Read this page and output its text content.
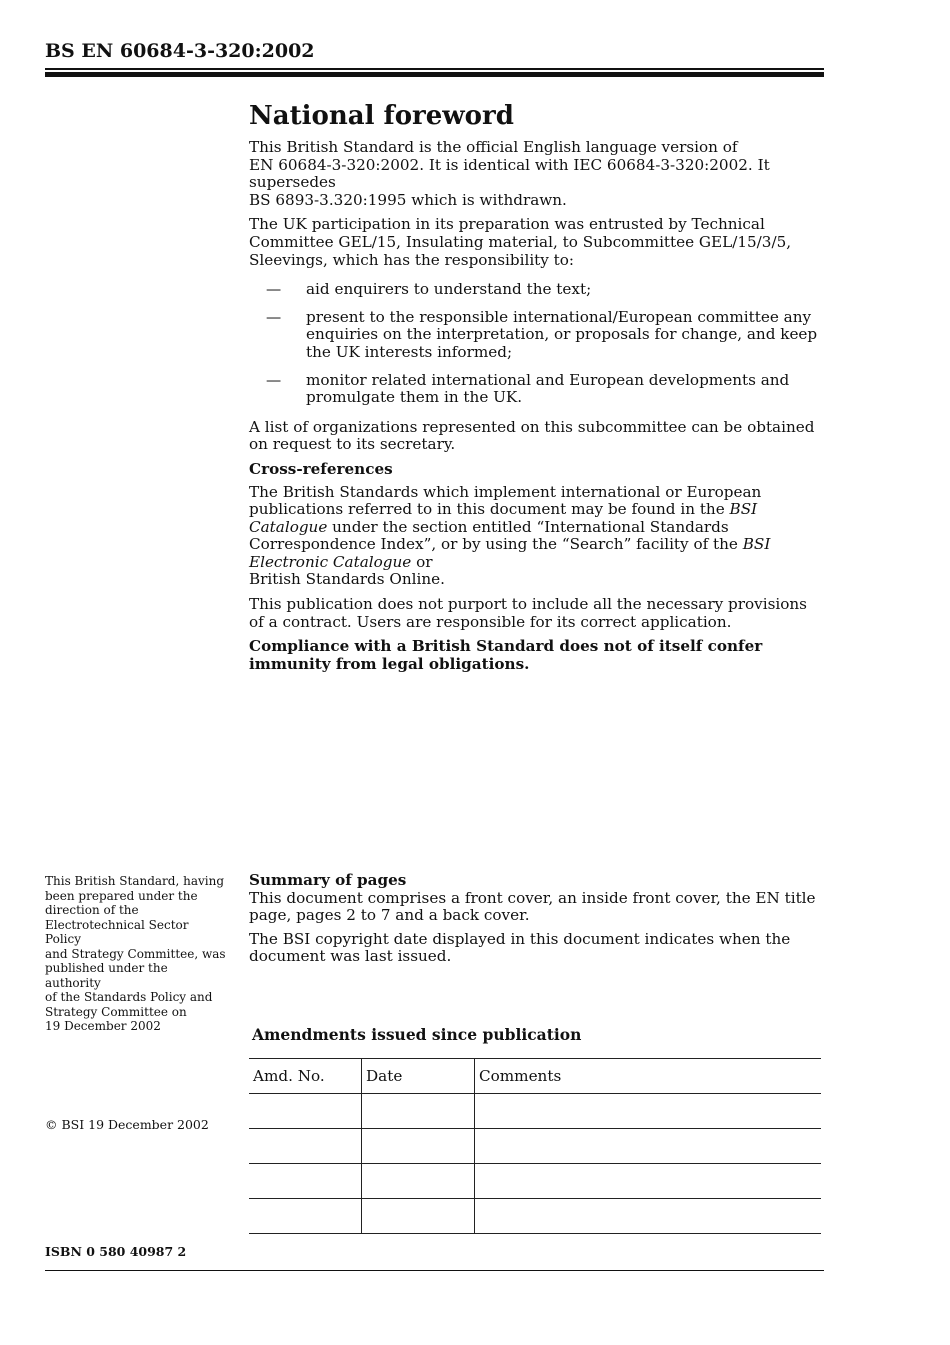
BS EN 60684-3-320:2002
National foreword

This British Standard is the official English language version of
EN 60684-3-320:2002. It is identical with IEC 60684-3-320:2002. It supersedes
BS 6893-3.320:1995 which is withdrawn.

The UK participation in its preparation was entrusted by Technical Committee GEL/15, Insulating material, to Subcommittee GEL/15/3/5, Sleevings, which has the responsibility to:

— aid enquirers to understand the text;
— present to the responsible international/European committee any enquiries on the interpretation, or proposals for change, and keep the UK interests informed;
— monitor related international and European developments and promulgate them in the UK.

A list of organizations represented on this subcommittee can be obtained on request to its secretary.

Cross-references

The British Standards which implement international or European publications referred to in this document may be found in the BSI Catalogue under the section entitled “International Standards Correspondence Index”, or by using the “Search” facility of the BSI Electronic Catalogue or
British Standards Online.

This publication does not purport to include all the necessary provisions of a contract. Users are responsible for its correct application.

Compliance with a British Standard does not of itself confer immunity from legal obligations.

This British Standard, having
been prepared under the
direction of the
Electrotechnical Sector Policy
and Strategy Committee, was
published under the authority
of the Standards Policy and
Strategy Committee on
19 December 2002
Summary of pages

This document comprises a front cover, an inside front cover, the EN title page, pages 2 to 7 and a back cover.

The BSI copyright date displayed in this document indicates when the document was last issued.

Amendments issued since publication
Amd. No.	Date	Comments

© BSI 19 December 2002
ISBN 0 580 40987 2
